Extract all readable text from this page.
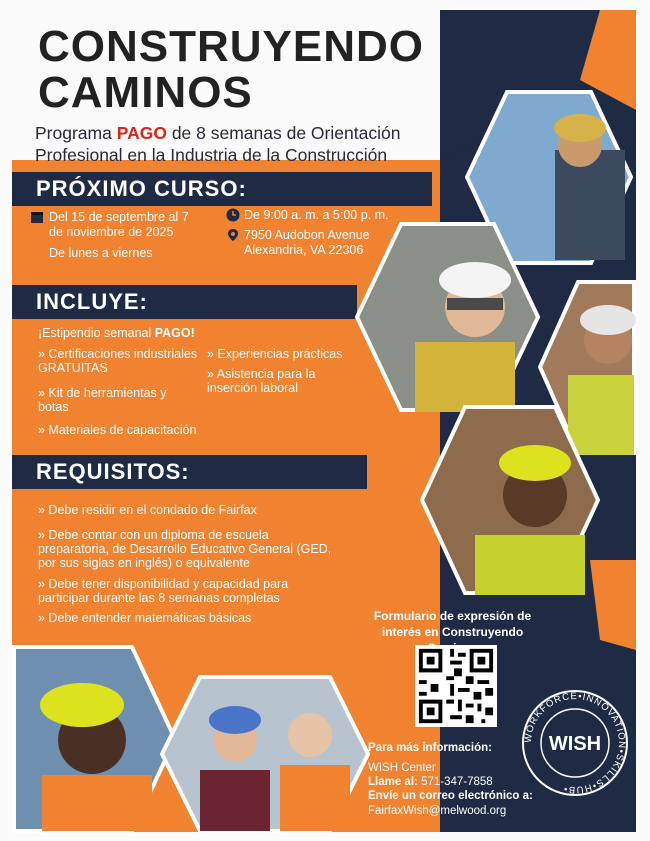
CONSTRUYENDO
CAMINOS
Programa PAGO de 8 semanas de Orientación Profesional en la Industria de la Construcción
PRÓXIMO CURSO:
Del 15 de septembre al 7 de noviembre de 2025
De lunes a viernes
De 9:00 a. m. a 5:00 p. m.
7950 Audobon Avenue
Alexandria, VA 22306
INCLUYE:
¡Estipendio semanal PAGO!
» Certificaciones industriales GRATUITAS
» Kit de herramientas y botas
» Materiales de capacitación
» Experiencias prácticas
» Asistencia para la inserción laboral
REQUISITOS:
» Debe residir en el condado de Fairfax
» Debe contar con un diploma de escuela preparatoria, de Desarrollo Educativo General (GED, por sus siglas en inglés) o equivalente
» Debe tener disponibilidad y capacidad para participar durante las 8 semanas completas
» Debe entender matemáticas básicas	Formulario de expresión de interés en Construyendo
Para más información:
WISH Center
Llame al: 571-347-7858
Envíe un correo electrónico a:
FairfaxWish@melwood.org
WORKFORCE•INNOVATION•SKILLS•HUB•
WISH
